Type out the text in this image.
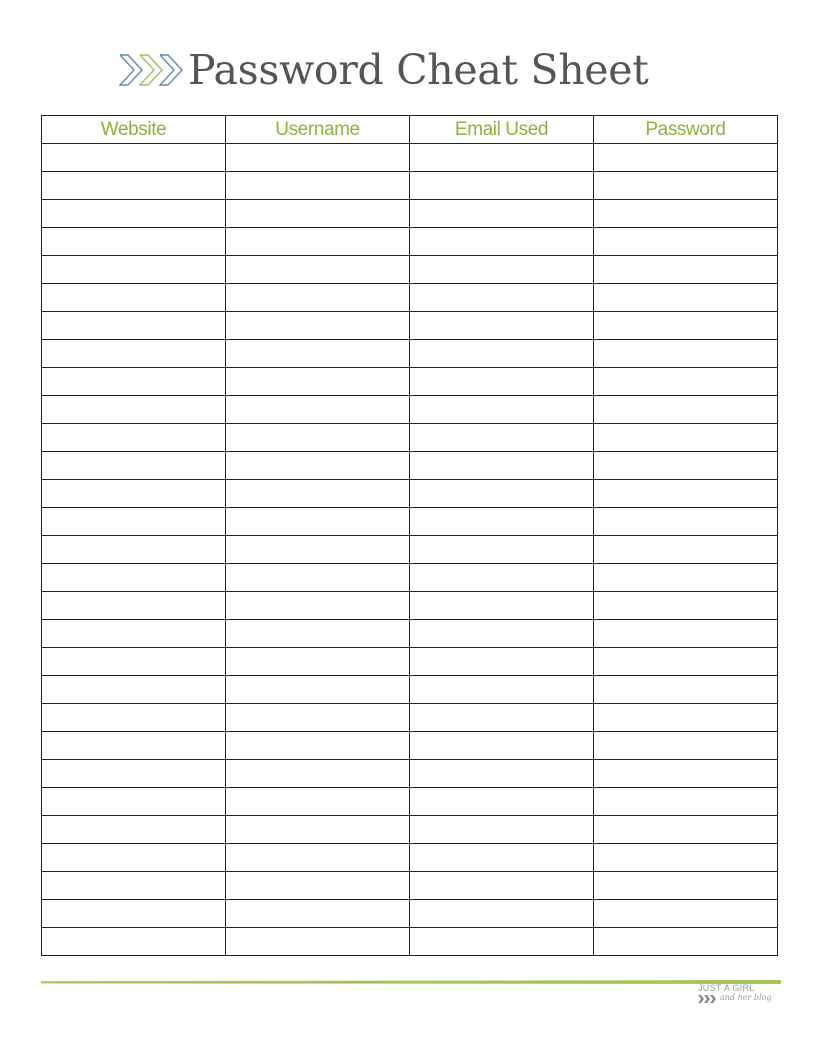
Password Cheat Sheet
Website	Username	Email Used	Password

JUST A GIRL
and her blog
